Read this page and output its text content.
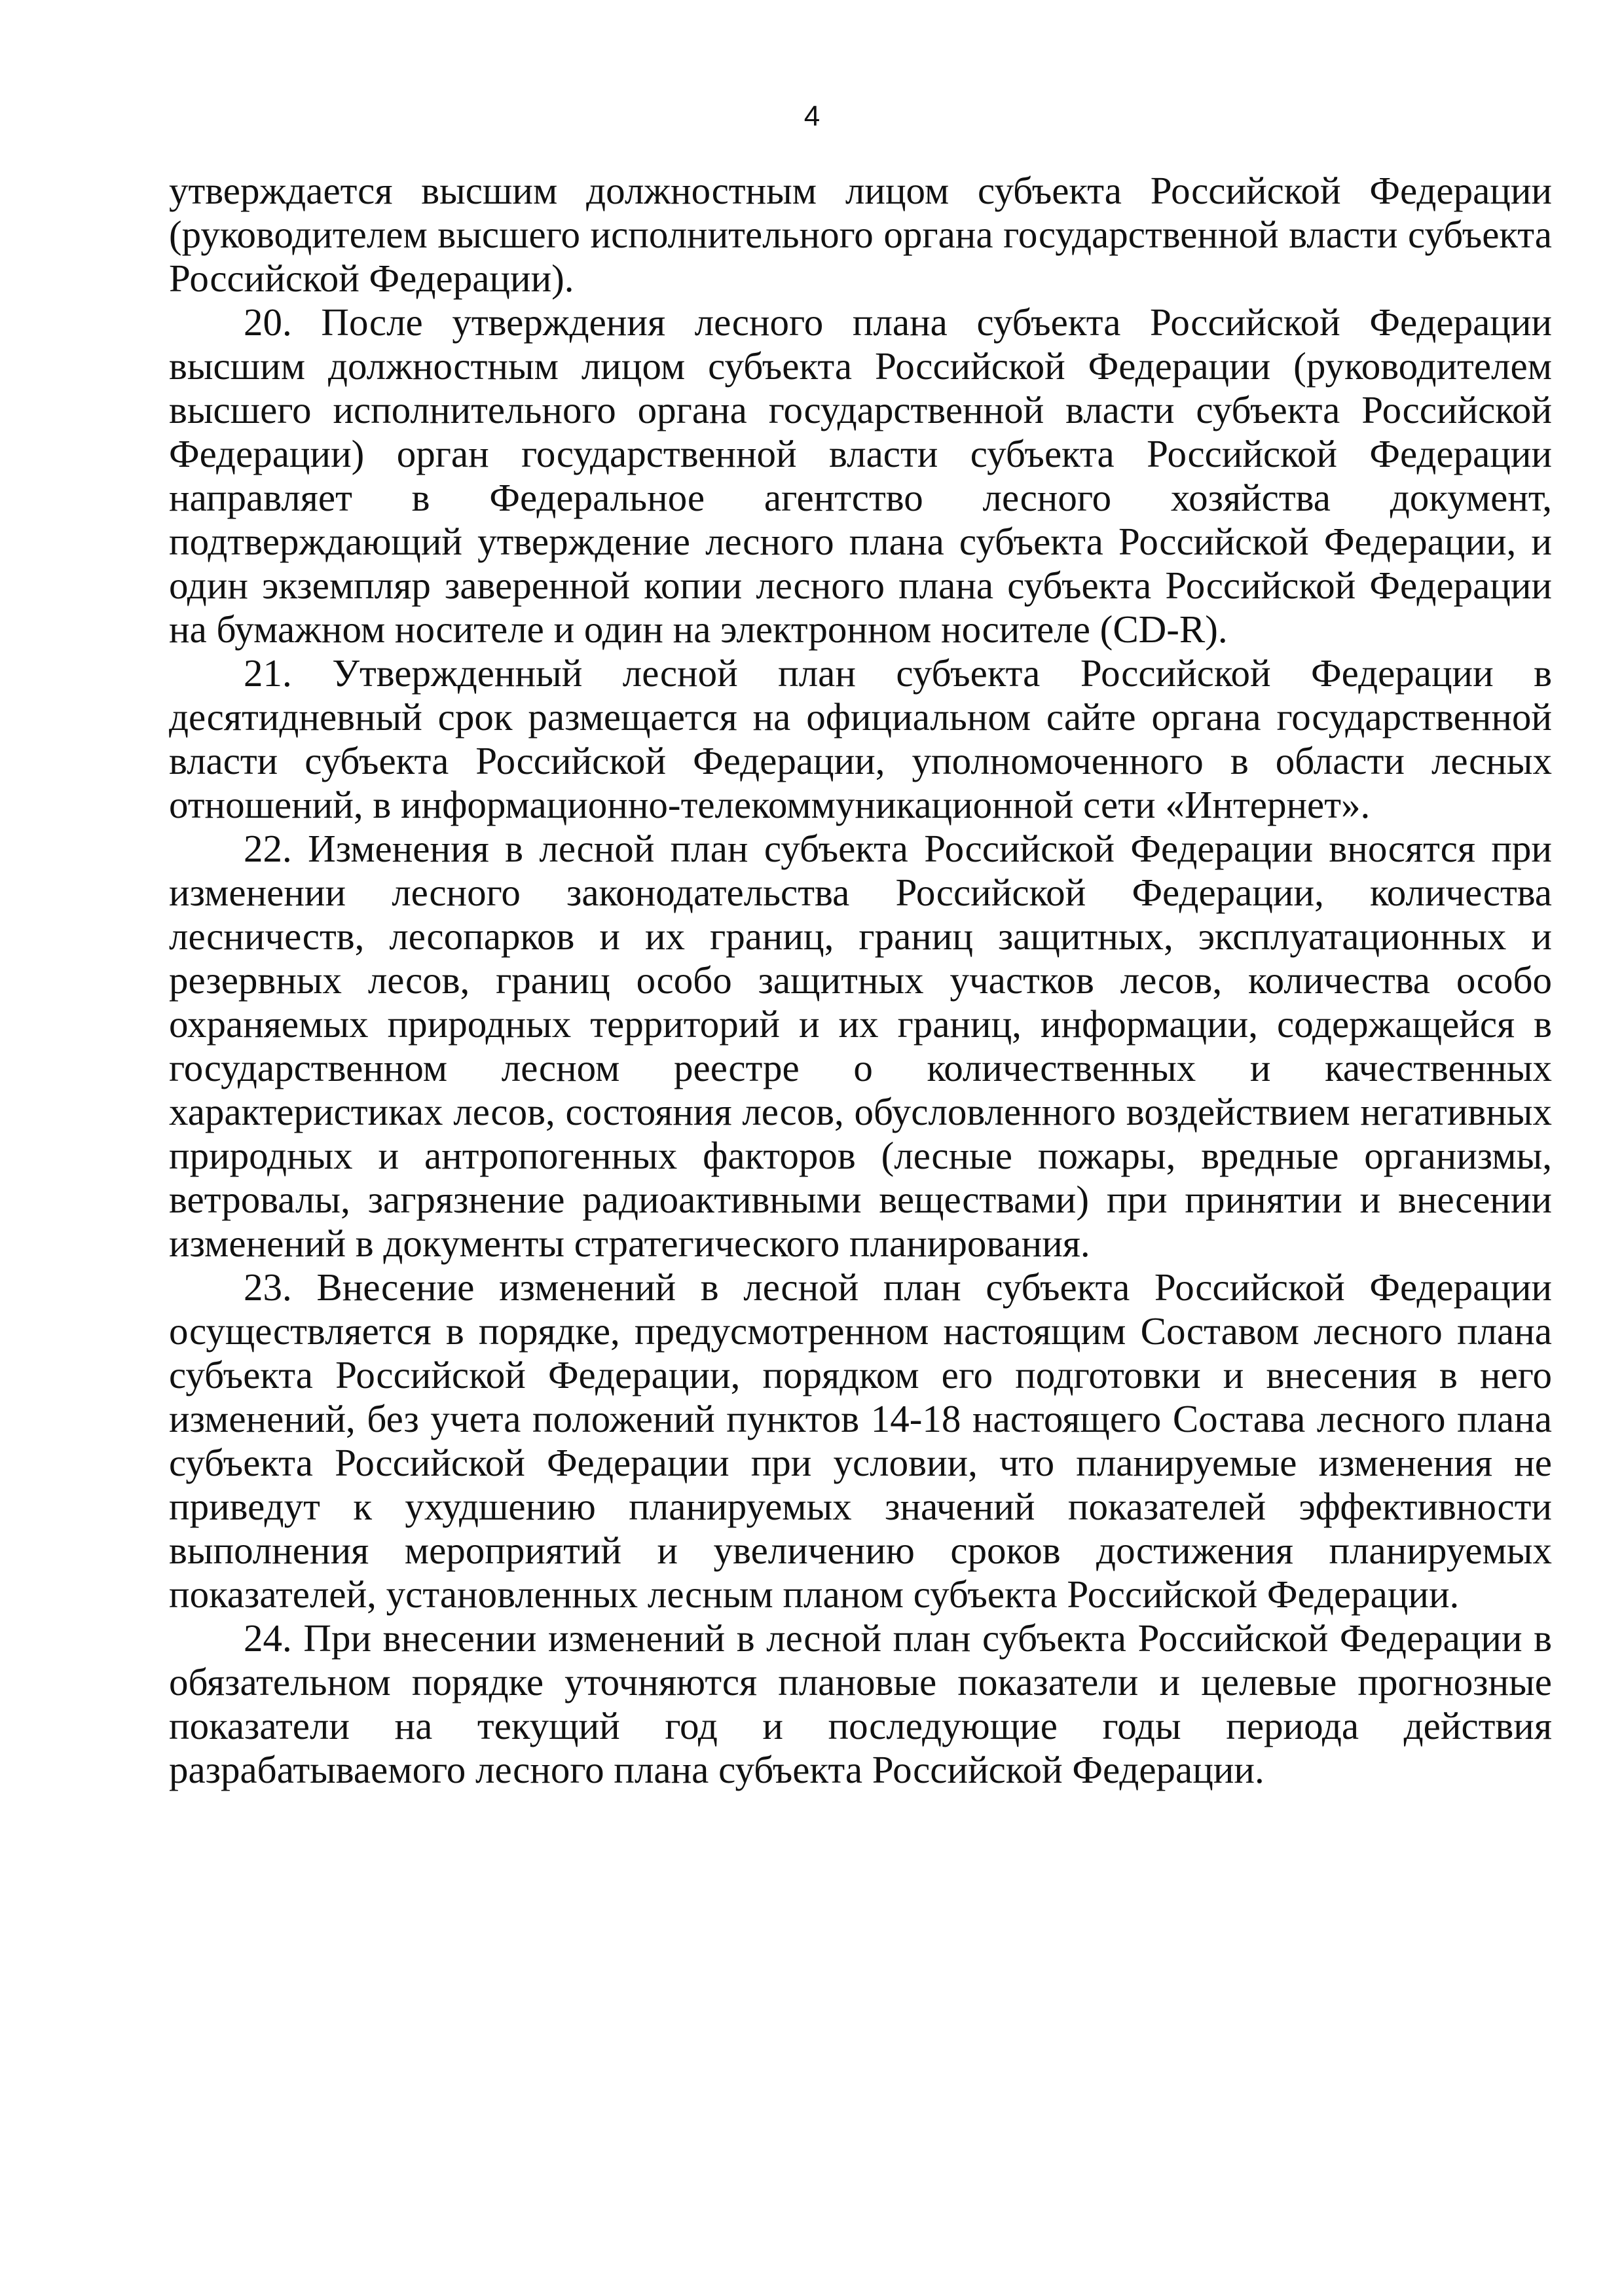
4

утверждается высшим должностным лицом субъекта Российской Федерации (руководителем высшего исполнительного органа государственной власти субъекта Российской Федерации).

20. После утверждения лесного плана субъекта Российской Федерации высшим должностным лицом субъекта Российской Федерации (руководителем высшего исполнительного органа государственной власти субъекта Российской Федерации) орган государственной власти субъекта Российской Федерации направляет в Федеральное агентство лесного хозяйства документ, подтверждающий утверждение лесного плана субъекта Российской Федерации, и один экземпляр заверенной копии лесного плана субъекта Российской Федерации на бумажном носителе и один на электронном носителе (CD-R).

21. Утвержденный лесной план субъекта Российской Федерации в десятидневный срок размещается на официальном сайте органа государственной власти субъекта Российской Федерации, уполномоченного в области лесных отношений, в информационно-телекоммуникационной сети «Интернет».

22. Изменения в лесной план субъекта Российской Федерации вносятся при изменении лесного законодательства Российской Федерации, количества лесничеств, лесопарков и их границ, границ защитных, эксплуатационных и резервных лесов, границ особо защитных участков лесов, количества особо охраняемых природных территорий и их границ, информации, содержащейся в государственном лесном реестре о количественных и качественных характеристиках лесов, состояния лесов, обусловленного воздействием негативных природных и антропогенных факторов (лесные пожары, вредные организмы, ветровалы, загрязнение радиоактивными веществами) при принятии и внесении изменений в документы стратегического планирования.

23. Внесение изменений в лесной план субъекта Российской Федерации осуществляется в порядке, предусмотренном настоящим Составом лесного плана субъекта Российской Федерации, порядком его подготовки и внесения в него изменений, без учета положений пунктов 14-18 настоящего Состава лесного плана субъекта Российской Федерации при условии, что планируемые изменения не приведут к ухудшению планируемых значений показателей эффективности выполнения мероприятий и увеличению сроков достижения планируемых показателей, установленных лесным планом субъекта Российской Федерации.

24. При внесении изменений в лесной план субъекта Российской Федерации в обязательном порядке уточняются плановые показатели и целевые прогнозные показатели на текущий год и последующие годы периода действия разрабатываемого лесного плана субъекта Российской Федерации.
